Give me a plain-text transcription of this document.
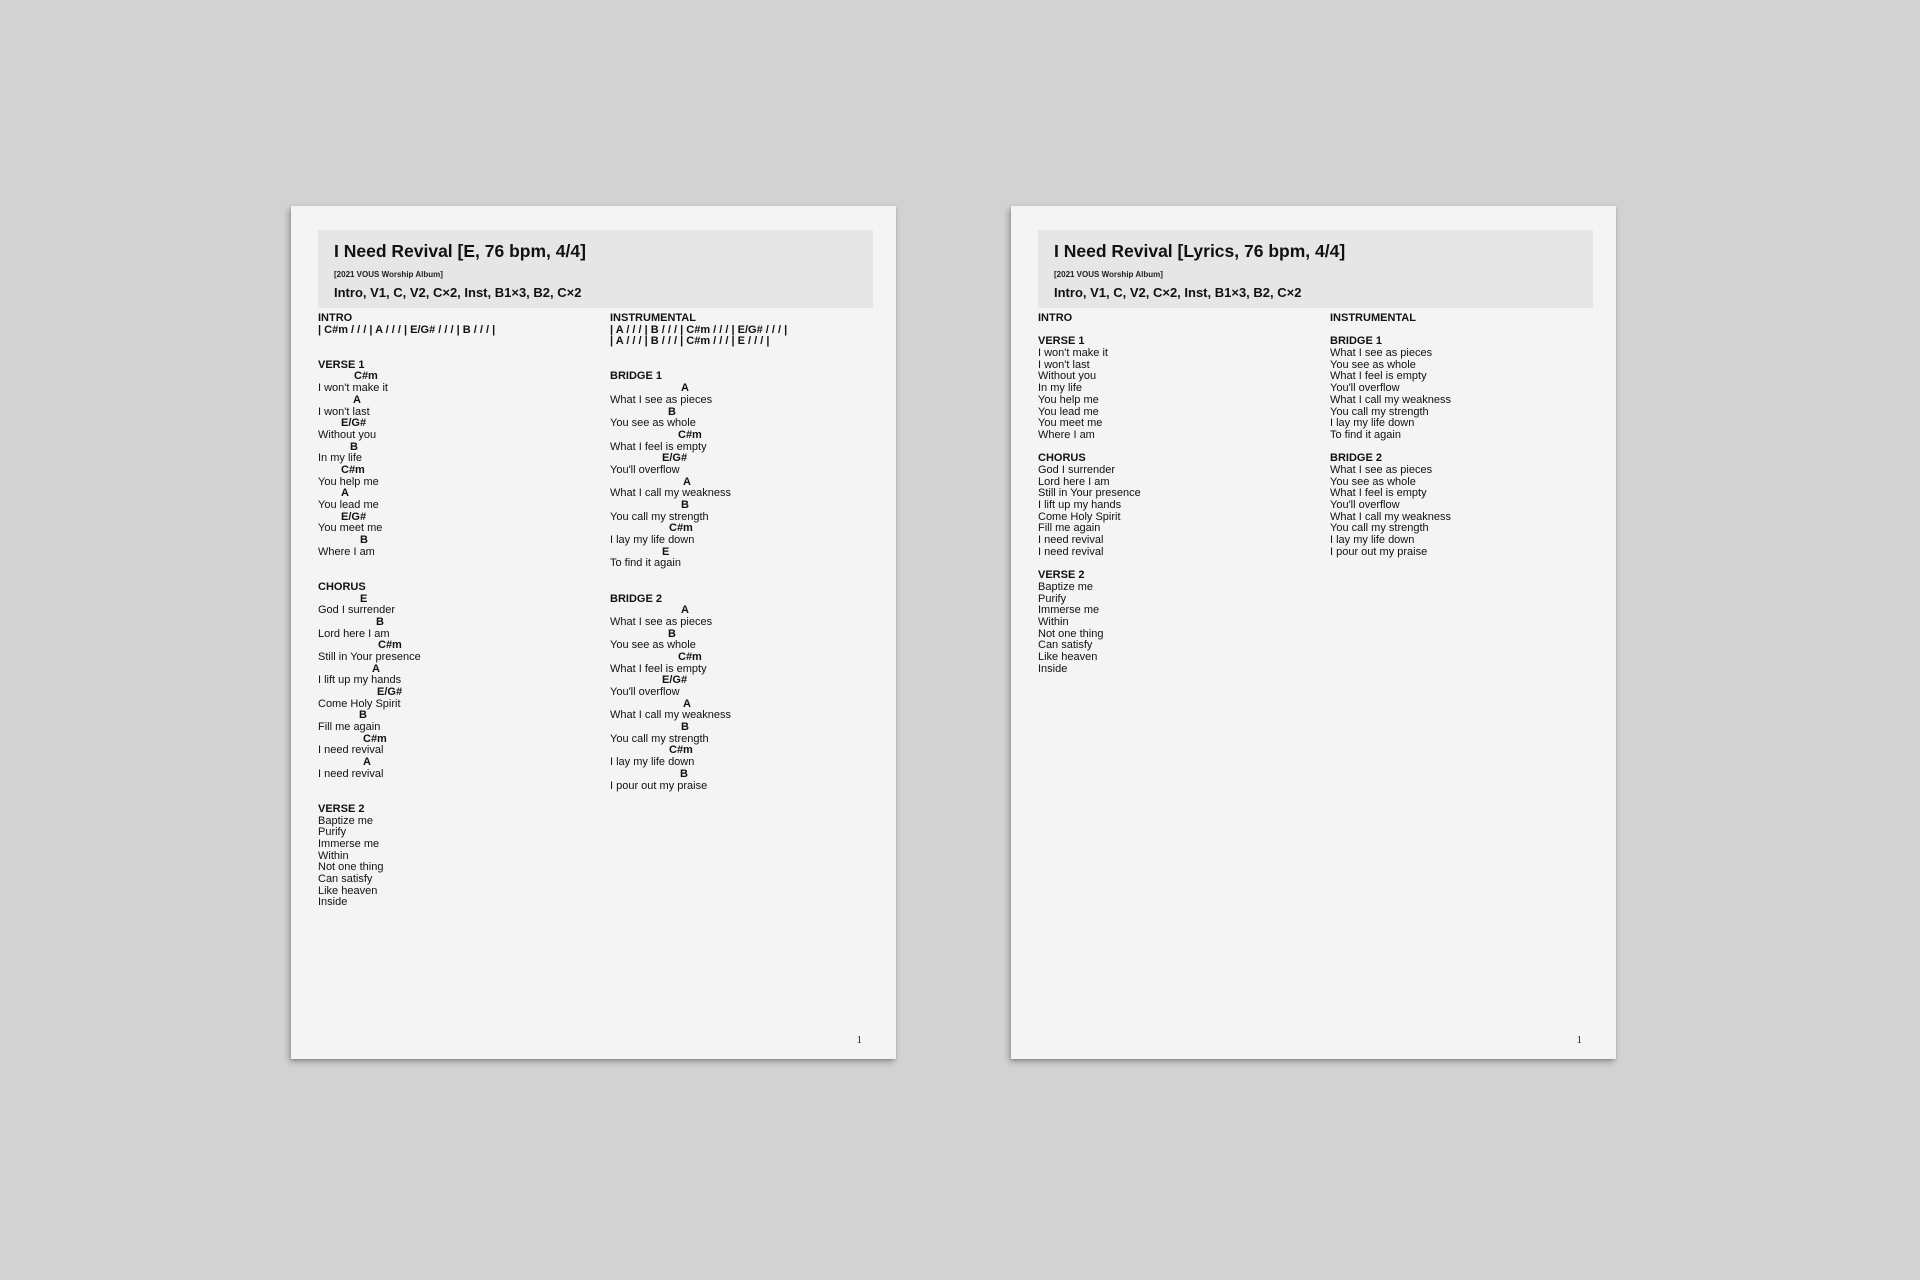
I Need Revival [E, 76 bpm, 4/4]
[2021 VOUS Worship Album]
Intro, V1, C, V2, C×2, Inst, B1×3, B2, C×2
INTRO
| C#m / / / | A / / / | E/G# / / / | B / / / |
VERSE 1
C#m
I won't make it
A
I won't last
E/G#
Without you
B
In my life
C#m
You help me
A
You lead me
E/G#
You meet me
B
Where I am
CHORUS
E
God I surrender
B
Lord here I am
C#m
Still in Your presence
A
I lift up my hands
E/G#
Come Holy Spirit
B
Fill me again
C#m
I need revival
A
I need revival
VERSE 2
Baptize me
Purify
Immerse me
Within
Not one thing
Can satisfy
Like heaven
Inside
INSTRUMENTAL
| A / / / | B / / / | C#m / / / | E/G# / / / |
| A / / / | B / / / | C#m / / / | E / / / |
BRIDGE 1
A
What I see as pieces
B
You see as whole
C#m
What I feel is empty
E/G#
You'll overflow
A
What I call my weakness
B
You call my strength
C#m
I lay my life down
E
To find it again
BRIDGE 2
A
What I see as pieces
B
You see as whole
C#m
What I feel is empty
E/G#
You'll overflow
A
What I call my weakness
B
You call my strength
C#m
I lay my life down
B
I pour out my praise
1
I Need Revival [Lyrics, 76 bpm, 4/4]
[2021 VOUS Worship Album]
Intro, V1, C, V2, C×2, Inst, B1×3, B2, C×2
INTRO
VERSE 1
I won't make it
I won't last
Without you
In my life
You help me
You lead me
You meet me
Where I am
CHORUS
God I surrender
Lord here I am
Still in Your presence
I lift up my hands
Come Holy Spirit
Fill me again
I need revival
I need revival
VERSE 2
Baptize me
Purify
Immerse me
Within
Not one thing
Can satisfy
Like heaven
Inside
INSTRUMENTAL
BRIDGE 1
What I see as pieces
You see as whole
What I feel is empty
You'll overflow
What I call my weakness
You call my strength
I lay my life down
To find it again
BRIDGE 2
What I see as pieces
You see as whole
What I feel is empty
You'll overflow
What I call my weakness
You call my strength
I lay my life down
I pour out my praise
1
